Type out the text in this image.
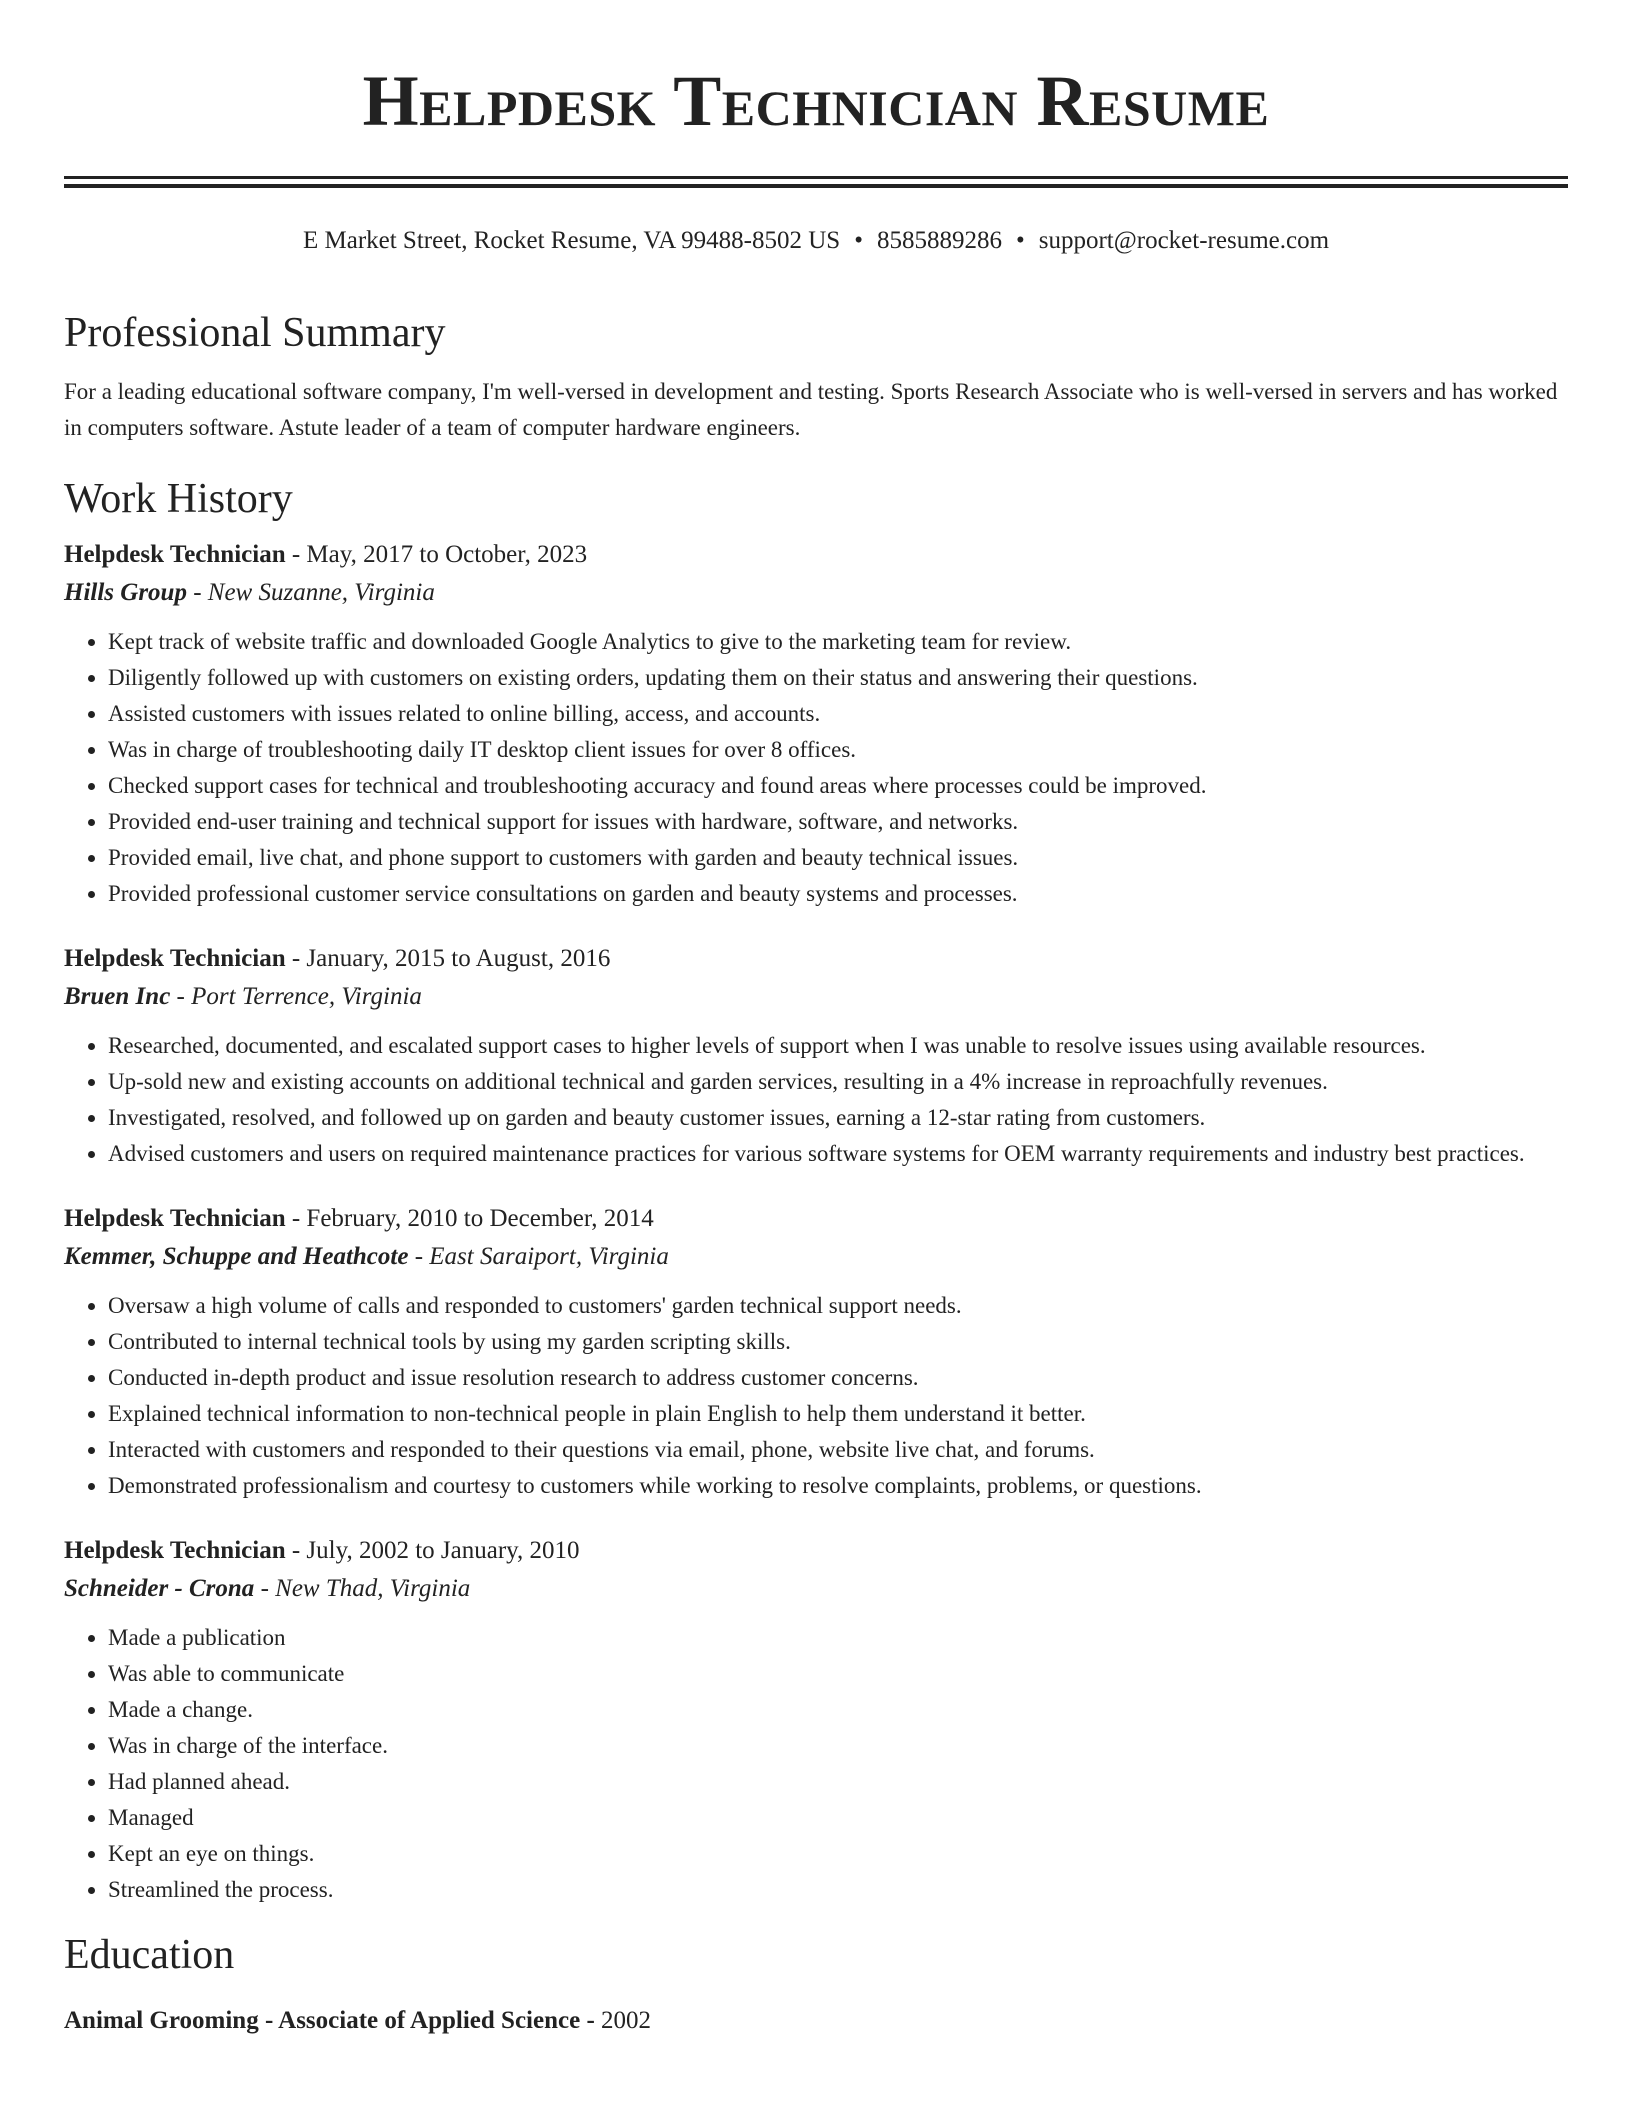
Helpdesk Technician Resume
E Market Street, Rocket Resume, VA 99488-8502 US • 8585889286 • support@rocket-resume.com
Professional Summary

For a leading educational software company, I'm well-versed in development and testing. Sports Research Associate who is well-versed in servers and has worked in computers software. Astute leader of a team of computer hardware engineers.

Work History
Helpdesk Technician - May, 2017 to October, 2023
Hills Group - New Suzanne, Virginia
• Kept track of website traffic and downloaded Google Analytics to give to the marketing team for review.
• Diligently followed up with customers on existing orders, updating them on their status and answering their questions.
• Assisted customers with issues related to online billing, access, and accounts.
• Was in charge of troubleshooting daily IT desktop client issues for over 8 offices.
• Checked support cases for technical and troubleshooting accuracy and found areas where processes could be improved.
• Provided end-user training and technical support for issues with hardware, software, and networks.
• Provided email, live chat, and phone support to customers with garden and beauty technical issues.
• Provided professional customer service consultations on garden and beauty systems and processes.
Helpdesk Technician - January, 2015 to August, 2016
Bruen Inc - Port Terrence, Virginia
• Researched, documented, and escalated support cases to higher levels of support when I was unable to resolve issues using available resources.
• Up-sold new and existing accounts on additional technical and garden services, resulting in a 4% increase in reproachfully revenues.
• Investigated, resolved, and followed up on garden and beauty customer issues, earning a 12-star rating from customers.
• Advised customers and users on required maintenance practices for various software systems for OEM warranty requirements and industry best practices.
Helpdesk Technician - February, 2010 to December, 2014
Kemmer, Schuppe and Heathcote - East Saraiport, Virginia
• Oversaw a high volume of calls and responded to customers' garden technical support needs.
• Contributed to internal technical tools by using my garden scripting skills.
• Conducted in-depth product and issue resolution research to address customer concerns.
• Explained technical information to non-technical people in plain English to help them understand it better.
• Interacted with customers and responded to their questions via email, phone, website live chat, and forums.
• Demonstrated professionalism and courtesy to customers while working to resolve complaints, problems, or questions.
Helpdesk Technician - July, 2002 to January, 2010
Schneider - Crona - New Thad, Virginia
• Made a publication
• Was able to communicate
• Made a change.
• Was in charge of the interface.
• Had planned ahead.
• Managed
• Kept an eye on things.
• Streamlined the process.
Education
Animal Grooming - Associate of Applied Science - 2002
